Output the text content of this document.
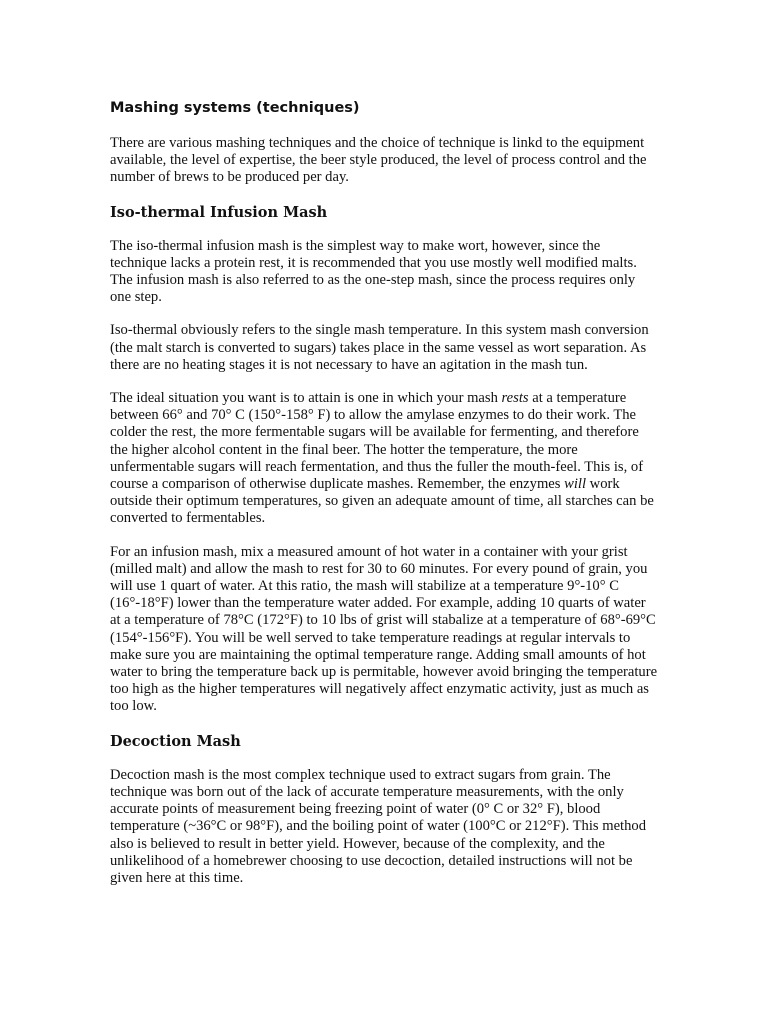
Mashing systems (techniques)

There are various mashing techniques and the choice of technique is linkd to the equipment available, the level of expertise, the beer style produced, the level of process control and the number of brews to be produced per day.

Iso-thermal Infusion Mash

The iso-thermal infusion mash is the simplest way to make wort, however, since the technique lacks a protein rest, it is recommended that you use mostly well modified malts. The infusion mash is also referred to as the one-step mash, since the process requires only one step.

Iso-thermal obviously refers to the single mash temperature. In this system mash conversion (the malt starch is converted to sugars) takes place in the same vessel as wort separation. As there are no heating stages it is not necessary to have an agitation in the mash tun.

The ideal situation you want is to attain is one in which your mash rests at a temperature between 66° and 70° C (150°-158° F) to allow the amylase enzymes to do their work. The colder the rest, the more fermentable sugars will be available for fermenting, and therefore the higher alcohol content in the final beer. The hotter the temperature, the more unfermentable sugars will reach fermentation, and thus the fuller the mouth-feel. This is, of course a comparison of otherwise duplicate mashes. Remember, the enzymes will work outside their optimum temperatures, so given an adequate amount of time, all starches can be converted to fermentables.

For an infusion mash, mix a measured amount of hot water in a container with your grist (milled malt) and allow the mash to rest for 30 to 60 minutes. For every pound of grain, you will use 1 quart of water. At this ratio, the mash will stabilize at a temperature 9°-10° C (16°-18°F) lower than the temperature water added. For example, adding 10 quarts of water at a temperature of 78°C (172°F) to 10 lbs of grist will stabalize at a temperature of 68°-69°C (154°-156°F). You will be well served to take temperature readings at regular intervals to make sure you are maintaining the optimal temperature range. Adding small amounts of hot water to bring the temperature back up is permitable, however avoid bringing the temperature too high as the higher temperatures will negatively affect enzymatic activity, just as much as too low.

Decoction Mash

Decoction mash is the most complex technique used to extract sugars from grain. The technique was born out of the lack of accurate temperature measurements, with the only accurate points of measurement being freezing point of water (0° C or 32° F), blood temperature (~36°C or 98°F), and the boiling point of water (100°C or 212°F). This method also is believed to result in better yield. However, because of the complexity, and the unlikelihood of a homebrewer choosing to use decoction, detailed instructions will not be given here at this time.
